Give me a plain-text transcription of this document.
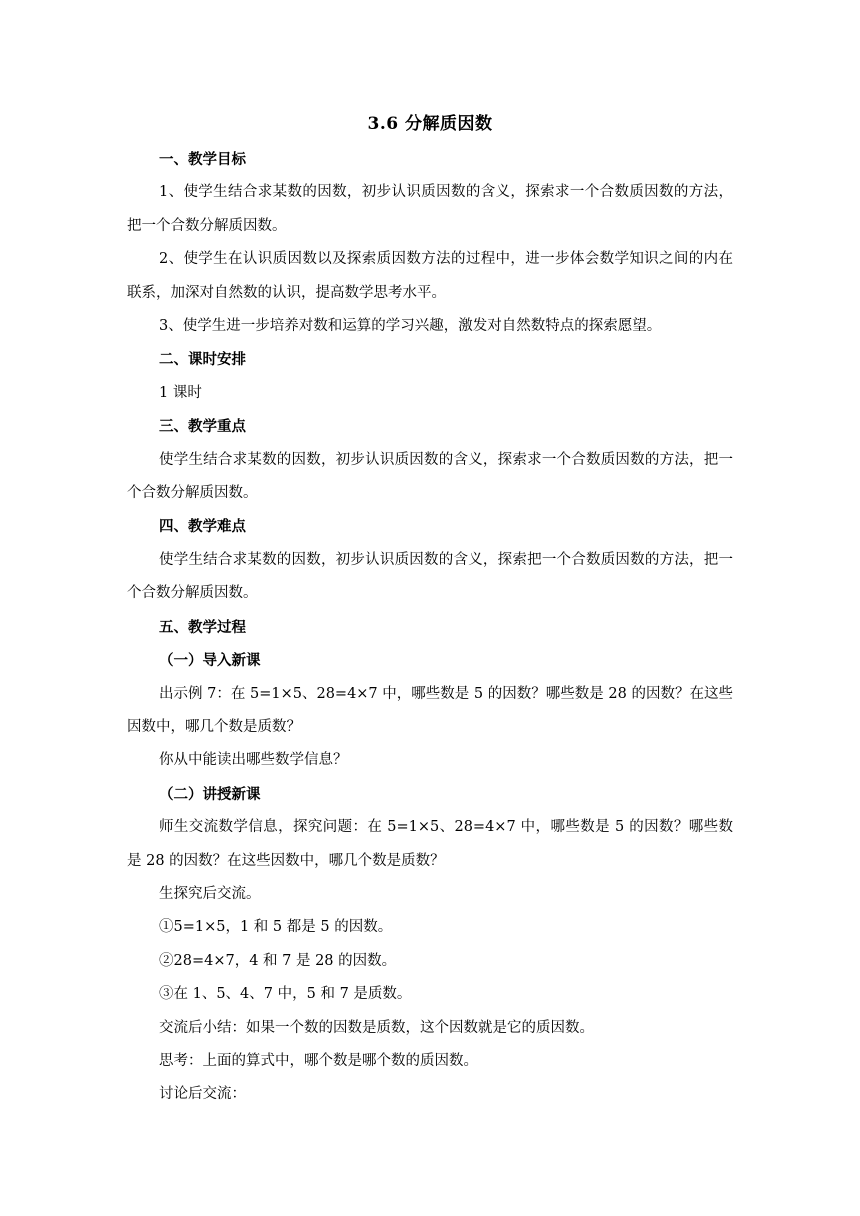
3.6 分解质因数

一、教学目标

1、使学生结合求某数的因数，初步认识质因数的含义，探索求一个合数质因数的方法，把一个合数分解质因数。

2、使学生在认识质因数以及探索质因数方法的过程中，进一步体会数学知识之间的内在联系，加深对自然数的认识，提高数学思考水平。

3、使学生进一步培养对数和运算的学习兴趣，激发对自然数特点的探索愿望。

二、课时安排

1 课时

三、教学重点

使学生结合求某数的因数，初步认识质因数的含义，探索求一个合数质因数的方法，把一个合数分解质因数。

四、教学难点

使学生结合求某数的因数，初步认识质因数的含义，探索把一个合数质因数的方法，把一个合数分解质因数。

五、教学过程

（一）导入新课

出示例 7：在 5=1×5、28=4×7 中，哪些数是 5 的因数？哪些数是 28 的因数？在这些因数中，哪几个数是质数？

你从中能读出哪些数学信息？

（二）讲授新课

师生交流数学信息，探究问题：在 5=1×5、28=4×7 中，哪些数是 5 的因数？哪些数是 28 的因数？在这些因数中，哪几个数是质数？

生探究后交流。

①5=1×5，1 和 5 都是 5 的因数。

②28=4×7，4 和 7 是 28 的因数。

③在 1、5、4、7 中，5 和 7 是质数。

交流后小结：如果一个数的因数是质数，这个因数就是它的质因数。

思考：上面的算式中，哪个数是哪个数的质因数。

讨论后交流：
